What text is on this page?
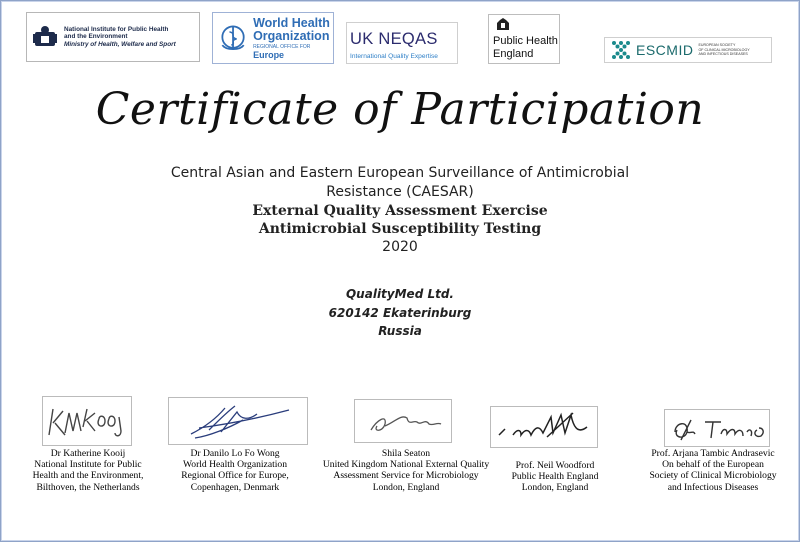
National Institute for Public Health
and the Environment
Ministry of Health, Welfare and Sport
World Health
Organization
REGIONAL OFFICE FOR Europe
UK NEQAS
International Quality Expertise
Public Health
England	ESCMID EUROPEAN SOCIETY
OF CLINICAL MICROBIOLOGY
AND INFECTIOUS DISEASES
Certificate of Participation
Central Asian and Eastern European Surveillance of Antimicrobial
Resistance (CAESAR)
External Quality Assessment Exercise
Antimicrobial Susceptibility Testing
2020
QualityMed Ltd.
620142 Ekaterinburg
Russia
Dr Katherine Kooij
National Institute for Public
Health and the Environment,
Bilthoven, the Netherlands
Dr Danilo Lo Fo Wong
World Health Organization
Regional Office for Europe,
Copenhagen, Denmark
Shila Seaton
United Kingdom National External Quality
Assessment Service for Microbiology
London, England
Prof. Neil Woodford
Public Health England
London, England
Prof. Arjana Tambic Andrasevic
On behalf of the European
Society of Clinical Microbiology
and Infectious Diseases
